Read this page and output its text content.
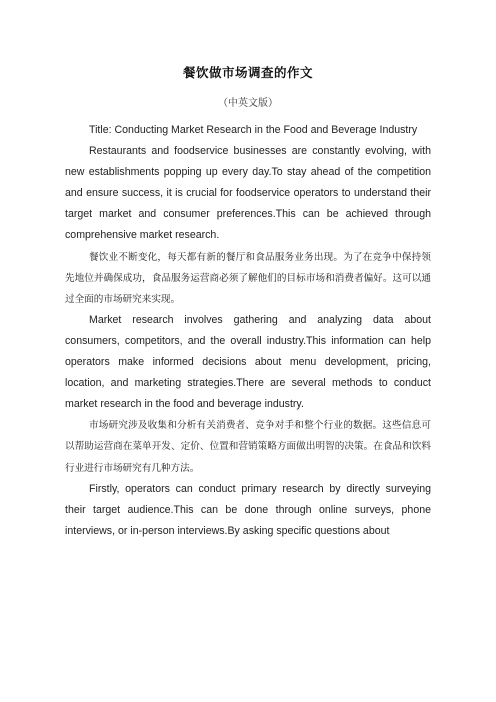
餐饮做市场调查的作文
（中英文版）

Title: Conducting Market Research in the Food and Beverage Industry

Restaurants and foodservice businesses are constantly evolving, with new establishments popping up every day.To stay ahead of the competition and ensure success, it is crucial for foodservice operators to understand their target market and consumer preferences.This can be achieved through comprehensive market research.

餐饮业不断变化，每天都有新的餐厅和食品服务业务出现。为了在竞争中保持领先地位并确保成功，食品服务运营商必须了解他们的目标市场和消费者偏好。这可以通过全面的市场研究来实现。

Market research involves gathering and analyzing data about consumers, competitors, and the overall industry.This information can help operators make informed decisions about menu development, pricing, location, and marketing strategies.There are several methods to conduct market research in the food and beverage industry.

市场研究涉及收集和分析有关消费者、竞争对手和整个行业的数据。这些信息可以帮助运营商在菜单开发、定价、位置和营销策略方面做出明智的决策。在食品和饮料行业进行市场研究有几种方法。

Firstly, operators can conduct primary research by directly surveying their target audience.This can be done through online surveys, phone interviews, or in-person interviews.By asking specific questions about
